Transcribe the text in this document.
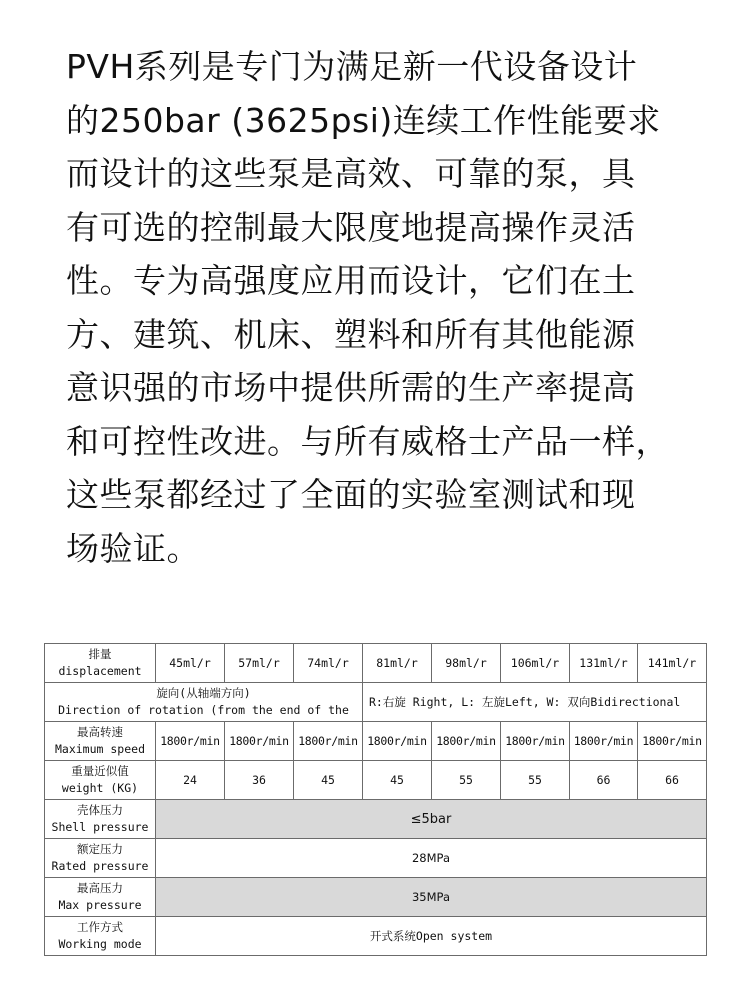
PVH系列是专门为满足新一代设备设计
的250bar (3625psi)连续工作性能要求
而设计的这些泵是高效、可靠的泵，具
有可选的控制最大限度地提高操作灵活
性。专为高强度应用而设计，它们在土
方、建筑、机床、塑料和所有其他能源
意识强的市场中提供所需的生产率提高
和可控性改进。与所有威格士产品一样，
这些泵都经过了全面的实验室测试和现
场验证。

排量
displacement	45ml/r	57ml/r	74ml/r	81ml/r	98ml/r	106ml/r	131ml/r	141ml/r

旋向(从轴端方向)
Direction of rotation (from the end of the				R:右旋 Right, L: 左旋Left, W: 双向Bidirectional				

最高转速
Maximum speed	1800r/min	1800r/min	1800r/min	1800r/min	1800r/min	1800r/min	1800r/min	1800r/min

重量近似值
weight (KG)	24	36	45	45	55	55	66	66

壳体压力
Shell pressure	≤5bar							

额定压力
Rated pressure	28MPa							

最高压力
Max pressure	35MPa							

工作方式
Working mode	开式系统Open system							
